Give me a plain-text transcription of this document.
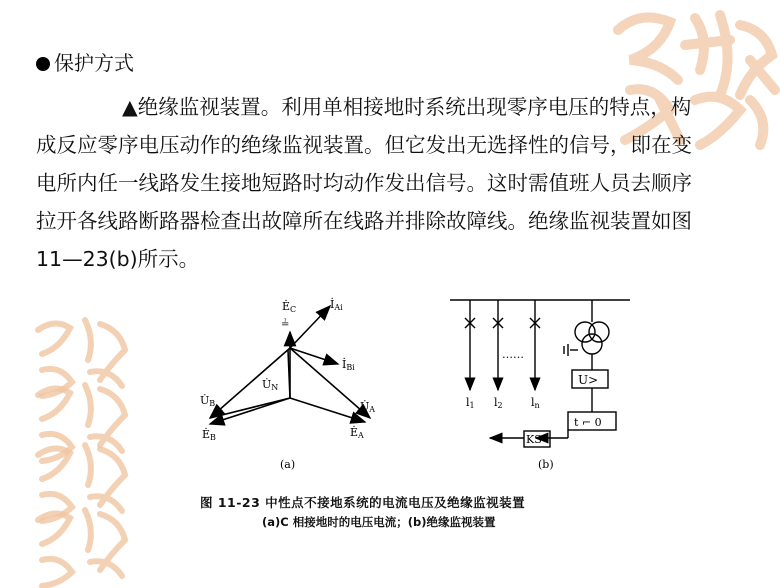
吉祥如意
保护方式
▲绝缘监视装置。利用单相接地时系统出现零序电压的特点，构
成反应零序电压动作的绝缘监视装置。但它发出无选择性的信号，即在变
电所内任一线路发生接地短路时均动作发出信号。这时需值班人员去顺序
拉开各线路断路器检查出故障所在线路并排除故障线。绝缘监视装置如图
11—23(b)所示。
ĖC
≟
İAi
İBi
U̇N
U̇B	U̇A
ĖB	ĖA
(a)
l1 l2	ln
……
U>
t ⌐ 0
KS
(b)
图 11-23 中性点不接地系统的电流电压及绝缘监视装置
(a)C 相接地时的电压电流；(b)绝缘监视装置
